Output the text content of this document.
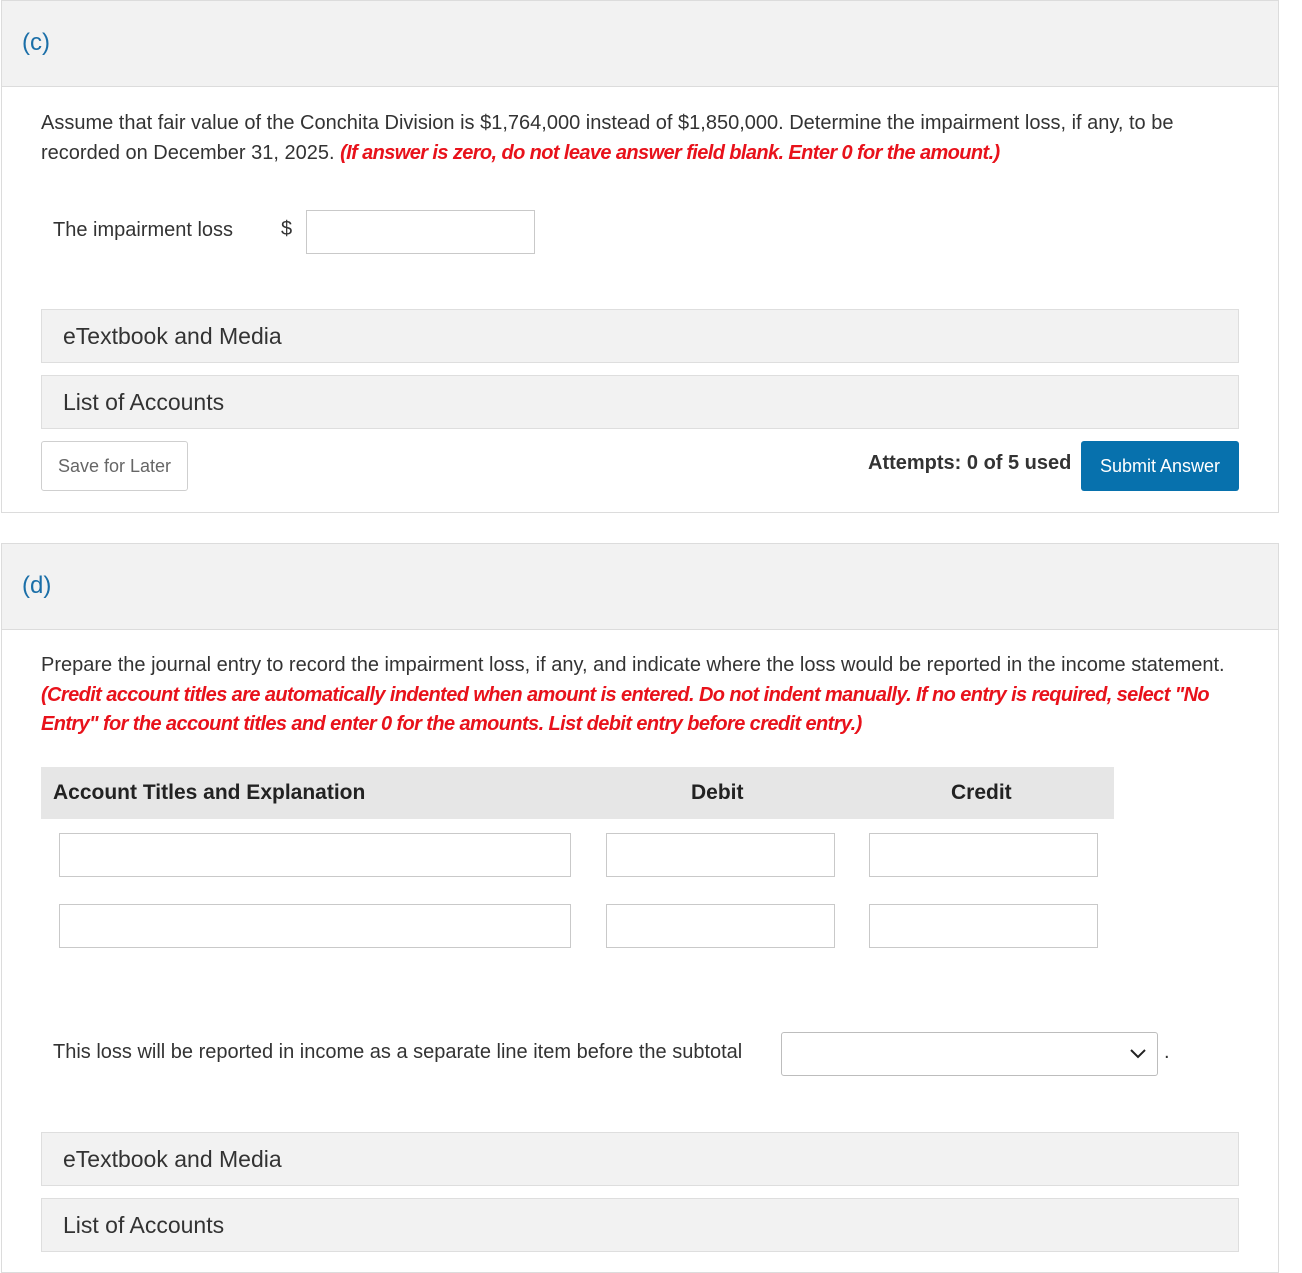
(c)
Assume that fair value of the Conchita Division is $1,764,000 instead of $1,850,000. Determine the impairment loss, if any, to be recorded on December 31, 2025. (If answer is zero, do not leave answer field blank. Enter 0 for the amount.)
The impairment loss $
eTextbook and Media
List of Accounts
Save for Later	Attempts: 0 of 5 used	Submit Answer
(d)
Prepare the journal entry to record the impairment loss, if any, and indicate where the loss would be reported in the income statement. (Credit account titles are automatically indented when amount is entered. Do not indent manually. If no entry is required, select "No Entry" for the account titles and enter 0 for the amounts. List debit entry before credit entry.)
Account Titles and Explanation	Debit	Credit
This loss will be reported in income as a separate line item before the subtotal	.
eTextbook and Media
List of Accounts
